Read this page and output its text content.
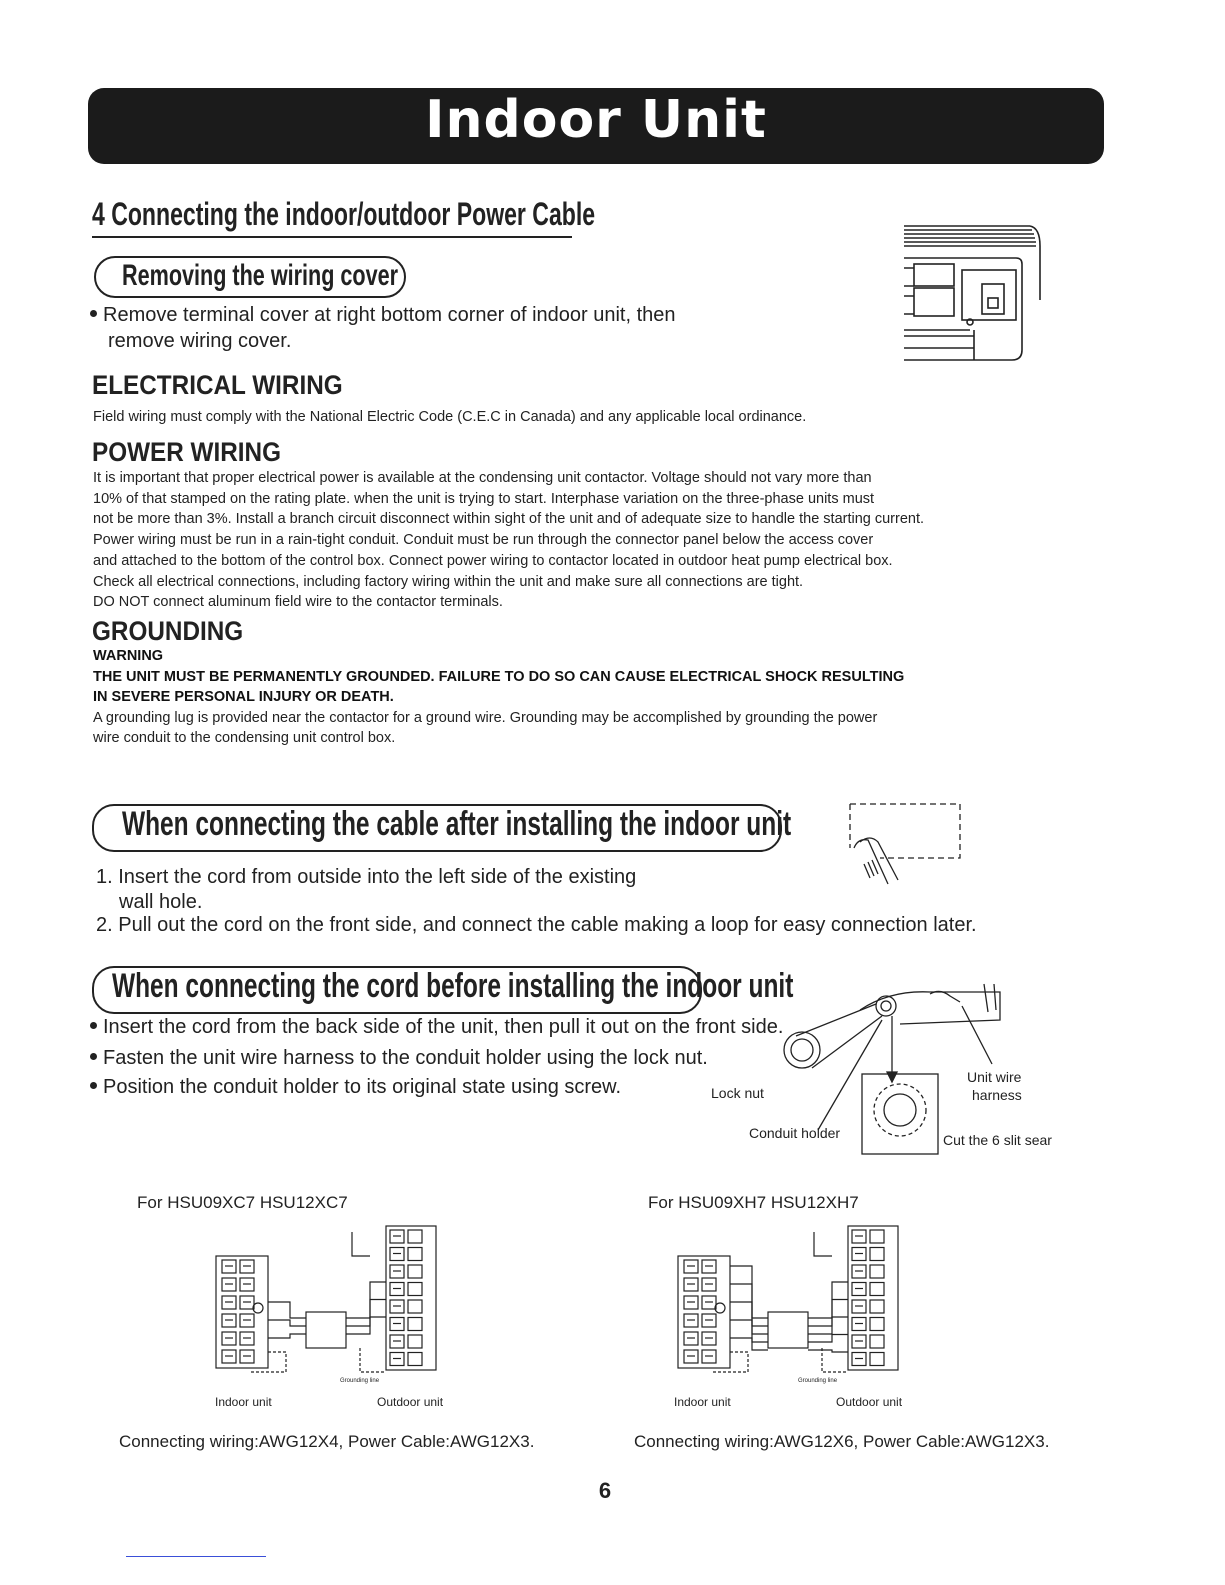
Indoor Unit
4 Connecting the indoor/outdoor Power Cable
Removing the wiring cover
Remove terminal cover at right bottom corner of indoor unit, then
remove wiring cover.
ELECTRICAL WIRING
Field wiring must comply with the National Electric Code (C.E.C in Canada) and any applicable local ordinance.
POWER WIRING
It is important that proper electrical power is available at the condensing unit contactor. Voltage should not vary more than
10% of that stamped on the rating plate. when the unit is trying to start. Interphase variation on the three-phase units must
not be more than 3%. Install a branch circuit disconnect within sight of the unit and of adequate size to handle the starting current.
Power wiring must be run in a rain-tight conduit. Conduit must be run through the connector panel below the access cover
and attached to the bottom of the control box. Connect power wiring to contactor located in outdoor heat pump electrical box.
Check all electrical connections, including factory wiring within the unit and make sure all connections are tight.
DO NOT connect aluminum field wire to the contactor terminals.
GROUNDING
WARNING
THE UNIT MUST BE PERMANENTLY GROUNDED. FAILURE TO DO SO CAN CAUSE ELECTRICAL SHOCK RESULTING
IN SEVERE PERSONAL INJURY OR DEATH.
A grounding lug is provided near the contactor for a ground wire. Grounding may be accomplished by grounding the power
wire conduit to the condensing unit control box.
When connecting the cable after installing the indoor unit
1. Insert the cord from outside into the left side of the existing
wall hole.
2. Pull out the cord on the front side, and connect the cable making a loop for easy connection later.
When connecting the cord before installing the indoor unit
Insert the cord from the back side of the unit, then pull it out on the front side.
Fasten the unit wire harness to the conduit holder using the lock nut.
Position the conduit holder to its original state using screw.	Lock nut
Conduit holder
Unit wire
harness
Cut the 6 slit sear
For HSU09XC7 HSU12XC7	For HSU09XH7 HSU12XH7
Indoor unit	Outdoor unit
Grounding line
Indoor unit	Outdoor unit
Grounding line
Connecting wiring:AWG12X4, Power Cable:AWG12X3.	Connecting wiring:AWG12X6, Power Cable:AWG12X3.
6
